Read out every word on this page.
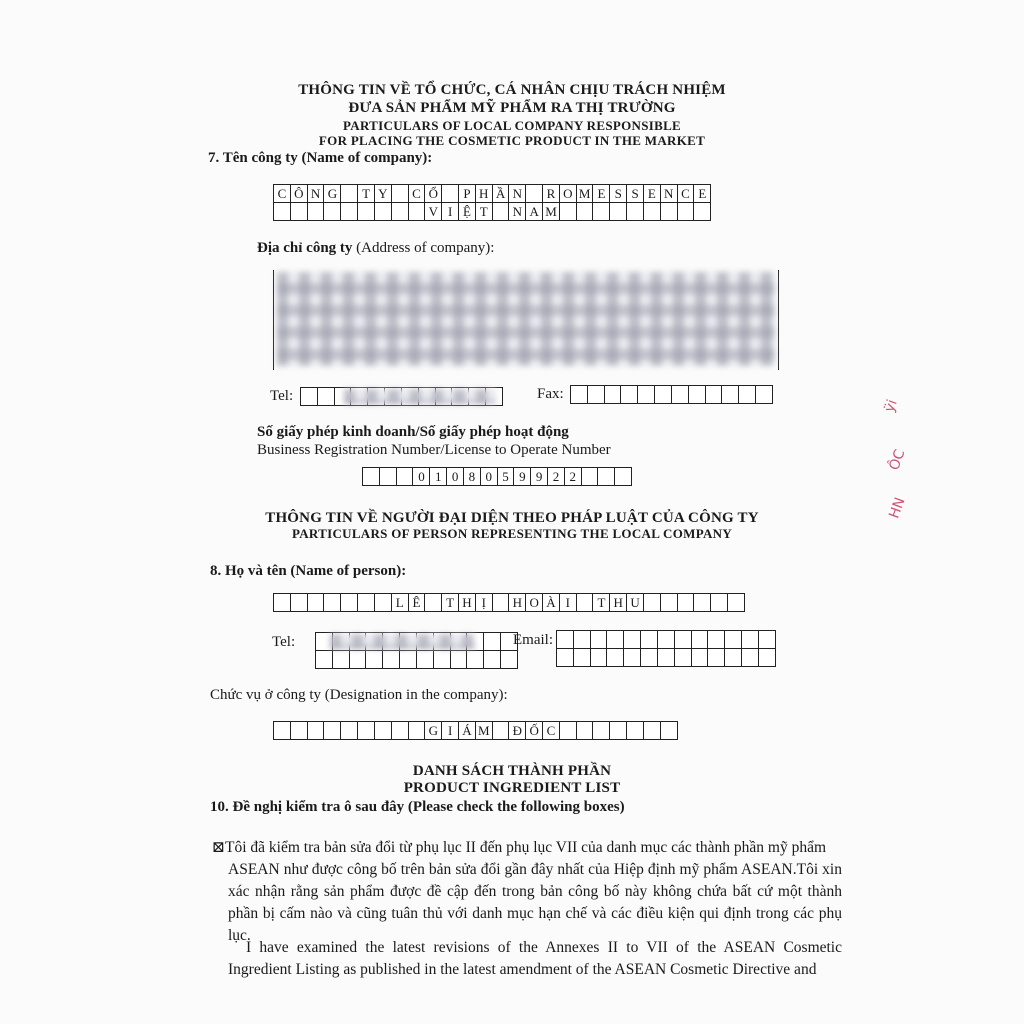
THÔNG TIN VỀ TỔ CHỨC, CÁ NHÂN CHỊU TRÁCH NHIỆM
ĐƯA SẢN PHẨM MỸ PHẨM RA THỊ TRƯỜNG
PARTICULARS OF LOCAL COMPANY RESPONSIBLE
FOR PLACING THE COSMETIC PRODUCT IN THE MARKET
7. Tên công ty (Name of company):
C Ô N G	T Y	C Ổ	P H Ầ N	R O M E S S E N C E
V I Ệ T	N A M
Địa chỉ công ty (Address of company):
Tel:	Fax:
Số giấy phép kinh doanh/Số giấy phép hoạt động
Business Registration Number/License to Operate Number
0 1 0 8 0 5 9 9 2 2
THÔNG TIN VỀ NGƯỜI ĐẠI DIỆN THEO PHÁP LUẬT CỦA CÔNG TY
PARTICULARS OF PERSON REPRESENTING THE LOCAL COMPANY
8. Họ và tên (Name of person):
L Ê	T H Ị	H O À I	T H U
Tel:	Email:
Chức vụ ở công ty (Designation in the company):
G I Á M	Đ Ố C
DANH SÁCH THÀNH PHẦN
PRODUCT INGREDIENT LIST
10. Đề nghị kiểm tra ô sau đây (Please check the following boxes)
⊠Tôi đã kiểm tra bản sửa đổi từ phụ lục II đến phụ lục VII của danh mục các thành phần mỹ phẩm
ASEAN như được công bố trên bản sửa đổi gần đây nhất của Hiệp định mỹ phẩm ASEAN.Tôi xin xác nhận rằng sản phẩm được đề cập đến trong bản công bố này không chứa bất cứ một thành phần bị cấm nào và cũng tuân thủ với danh mục hạn chế và các điều kiện qui định trong các phụ lục.
I have examined the latest revisions of the Annexes II to VII of the ASEAN Cosmetic Ingredient Listing as published in the latest amendment of the ASEAN Cosmetic Directive and
ÿi
ÔC
HN
